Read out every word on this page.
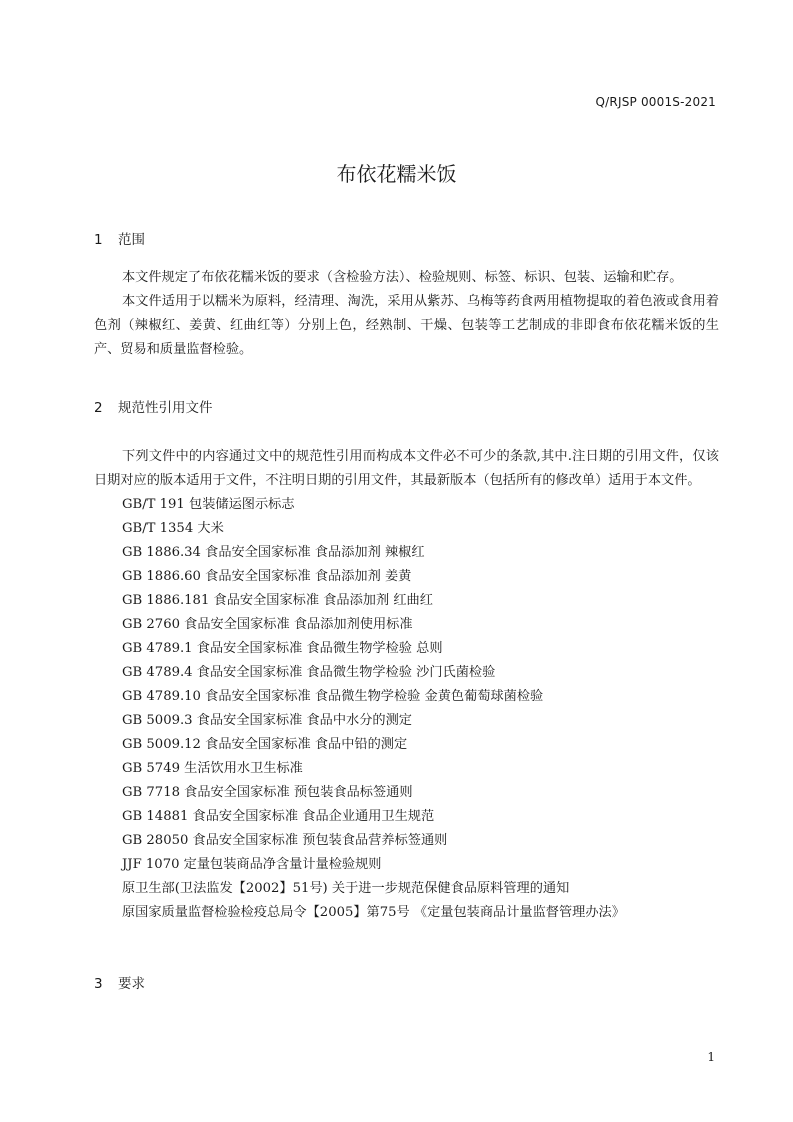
Q/RJSP 0001S-2021
布依花糯米饭
1 范围

本文件规定了布依花糯米饭的要求（含检验方法）、检验规则、标签、标识、包装、运输和贮存。

本文件适用于以糯米为原料，经清理、淘洗，采用从紫苏、乌梅等药食两用植物提取的着色液或食用着色剂（辣椒红、姜黄、红曲红等）分别上色，经熟制、干燥、包装等工艺制成的非即食布依花糯米饭的生产、贸易和质量监督检验。

2 规范性引用文件

下列文件中的内容通过文中的规范性引用而构成本文件必不可少的条款,其中.注日期的引用文件，仅该日期对应的版本适用于文件，不注明日期的引用文件，其最新版本（包括所有的修改单）适用于本文件。

GB/T 191 包装储运图示标志
GB/T 1354 大米
GB 1886.34 食品安全国家标准 食品添加剂 辣椒红
GB 1886.60 食品安全国家标准 食品添加剂 姜黄
GB 1886.181 食品安全国家标准 食品添加剂 红曲红
GB 2760 食品安全国家标准 食品添加剂使用标准
GB 4789.1 食品安全国家标准 食品微生物学检验 总则
GB 4789.4 食品安全国家标准 食品微生物学检验 沙门氏菌检验
GB 4789.10 食品安全国家标准 食品微生物学检验 金黄色葡萄球菌检验
GB 5009.3 食品安全国家标准 食品中水分的测定
GB 5009.12 食品安全国家标准 食品中铅的测定
GB 5749 生活饮用水卫生标准
GB 7718 食品安全国家标准 预包装食品标签通则
GB 14881 食品安全国家标准 食品企业通用卫生规范
GB 28050 食品安全国家标准 预包装食品营养标签通则
JJF 1070 定量包装商品净含量计量检验规则
原卫生部(卫法监发【2002】51号) 关于进一步规范保健食品原料管理的通知
原国家质量监督检验检疫总局令【2005】第75号 《定量包装商品计量监督管理办法》
3 要求
1
